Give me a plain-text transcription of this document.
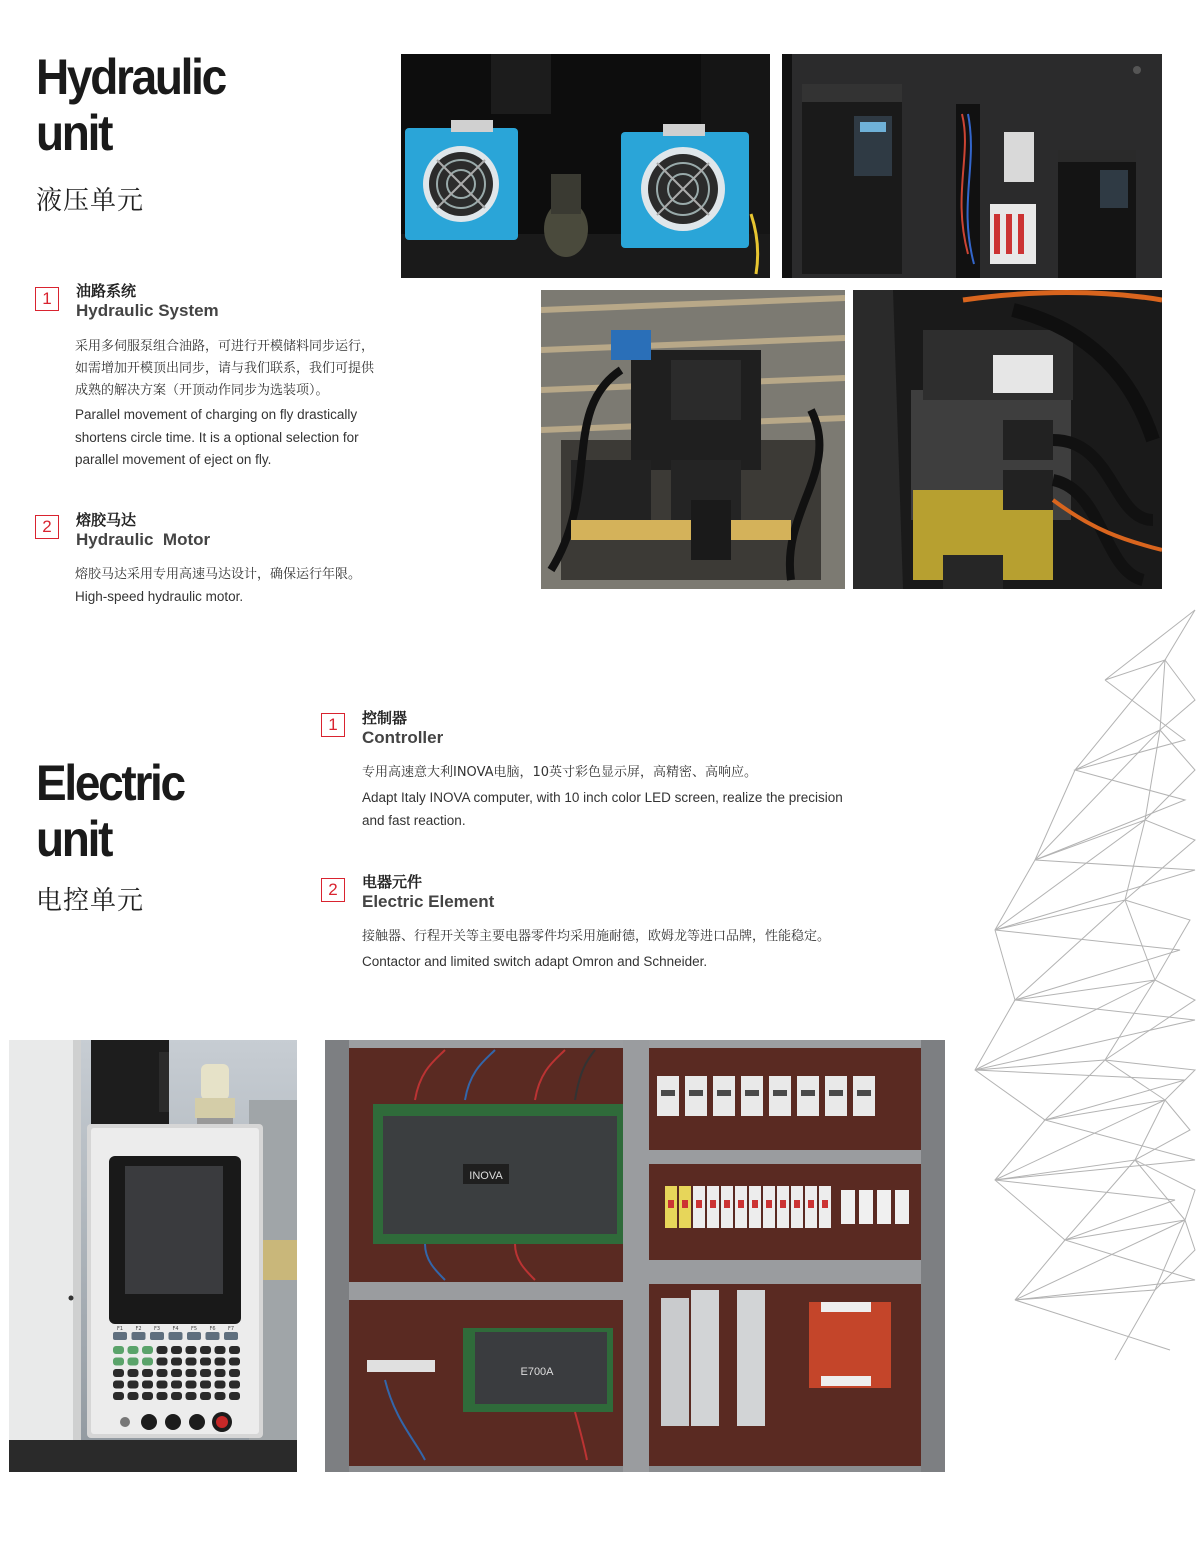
Hydraulic
unit
液压单元
1	油路系统
Hydraulic System
采用多伺服泵组合油路，可进行开模储料同步运行，
如需增加开模顶出同步，请与我们联系，我们可提供
成熟的解决方案（开顶动作同步为选装项）。
Parallel movement of charging on fly drastically
shortens circle time. It is a optional selection for
parallel movement of eject on fly.
2	熔胶马达
Hydraulic  Motor
熔胶马达采用专用高速马达设计，确保运行年限。
High-speed hydraulic motor.
Electric
unit
电控单元
1	控制器
Controller
专用高速意大利INOVA电脑，10英寸彩色显示屏，高精密、高响应。
Adapt Italy INOVA computer, with 10 inch color LED screen, realize the precision
and fast reaction.
2	电器元件
Electric Element
接触器、行程开关等主要电器零件均采用施耐德，欧姆龙等进口品牌，性能稳定。
Contactor and limited switch adapt Omron and Schneider.
F1 F2 F3 F4 F5 F6 F7
INOVA
E700A
